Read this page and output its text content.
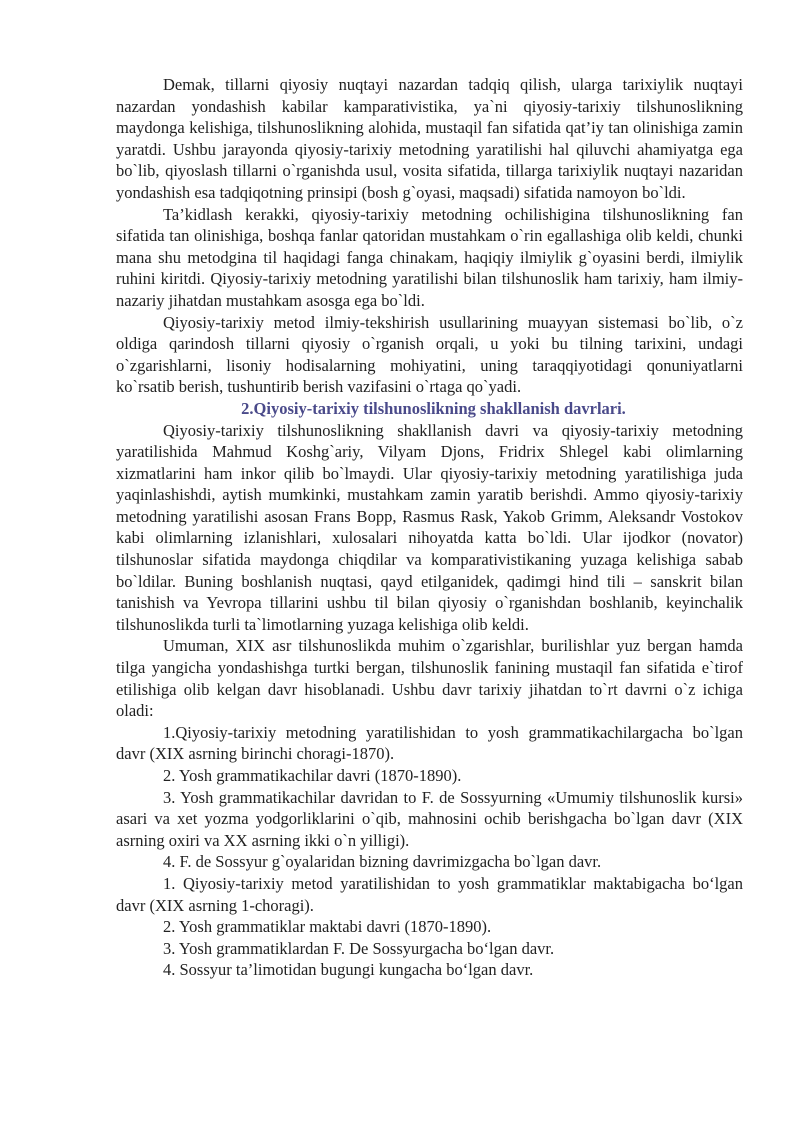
Demak, tillarni qiyosiy nuqtayi nazardan tadqiq qilish, ularga tarixiylik nuqtayi nazardan yondashish kabilar kamparativistika, ya`ni qiyosiy-tarixiy tilshunoslikning maydonga kelishiga, tilshunoslikning alohida, mustaqil fan sifatida qat’iy tan olinishiga zamin yaratdi. Ushbu jarayonda qiyosiy-tarixiy metodning yaratilishi hal qiluvchi ahamiyatga ega bo`lib, qiyoslash tillarni o`rganishda usul, vosita sifatida, tillarga tarixiylik nuqtayi nazaridan yondashish esa tadqiqotning prinsipi (bosh g`oyasi, maqsadi) sifatida namoyon bo`ldi.

Ta’kidlash kerakki, qiyosiy-tarixiy metodning ochilishigina tilshunoslikning fan sifatida tan olinishiga, boshqa fanlar qatoridan mustahkam o`rin egallashiga olib keldi, chunki mana shu metodgina til haqidagi fanga chinakam, haqiqiy ilmiylik g`oyasini berdi, ilmiylik ruhini kiritdi. Qiyosiy-tarixiy metodning yaratilishi bilan tilshunoslik ham tarixiy, ham ilmiy-nazariy jihatdan mustahkam asosga ega bo`ldi.

Qiyosiy-tarixiy metod ilmiy-tekshirish usullarining muayyan sistemasi bo`lib, o`z oldiga qarindosh tillarni qiyosiy o`rganish orqali, u yoki bu tilning tarixini, undagi o`zgarishlarni, lisoniy hodisalarning mohiyatini, uning taraqqiyotidagi qonuniyatlarni ko`rsatib berish, tushuntirib berish vazifasini o`rtaga qo`yadi.

2.Qiyosiy-tarixiy tilshunoslikning shakllanish davrlari.

Qiyosiy-tarixiy tilshunoslikning shakllanish davri va qiyosiy-tarixiy metodning yaratilishida Mahmud Koshg`ariy, Vilyam Djons, Fridrix Shlegel kabi olimlarning xizmatlarini ham inkor qilib bo`lmaydi. Ular qiyosiy-tarixiy metodning yaratilishiga juda yaqinlashishdi, aytish mumkinki, mustahkam zamin yaratib berishdi. Ammo qiyosiy-tarixiy metodning yaratilishi asosan Frans Bopp, Rasmus Rask, Yakob Grimm, Aleksandr Vostokov kabi olimlarning izlanishlari, xulosalari nihoyatda katta bo`ldi. Ular ijodkor (novator) tilshunoslar sifatida maydonga chiqdilar va komparativistikaning yuzaga kelishiga sabab bo`ldilar. Buning boshlanish nuqtasi, qayd etilganidek, qadimgi hind tili – sanskrit bilan tanishish va Yevropa tillarini ushbu til bilan qiyosiy o`rganishdan boshlanib, keyinchalik tilshunoslikda turli ta`limotlarning yuzaga kelishiga olib keldi.

Umuman, XIX asr tilshunoslikda muhim o`zgarishlar, burilishlar yuz bergan hamda tilga yangicha yondashishga turtki bergan, tilshunoslik fanining mustaqil fan sifatida e`tirof etilishiga olib kelgan davr hisoblanadi. Ushbu davr tarixiy jihatdan to`rt davrni o`z ichiga oladi:

1.Qiyosiy-tarixiy metodning yaratilishidan to yosh grammatikachilargacha bo`lgan davr (XIX asrning birinchi choragi-1870).

2. Yosh grammatikachilar davri (1870-1890).

3. Yosh grammatikachilar davridan to F. de Sossyurning «Umumiy tilshunoslik kursi» asari va xet yozma yodgorliklarini o`qib, mahnosini ochib berishgacha bo`lgan davr (XIX asrning oxiri va XX asrning ikki o`n yilligi).

4. F. de Sossyur g`oyalaridan bizning davrimizgacha bo`lgan davr.

1. Qiyosiy-tarixiy metod yaratilishidan to yosh grammatiklar maktabigacha bo‘lgan davr (XIX asrning 1-choragi).

2. Yosh grammatiklar maktabi davri (1870-1890).

3. Yosh grammatiklardan F. De Sossyurgacha bo‘lgan davr.

4. Sossyur ta’limotidan bugungi kungacha bo‘lgan davr.
